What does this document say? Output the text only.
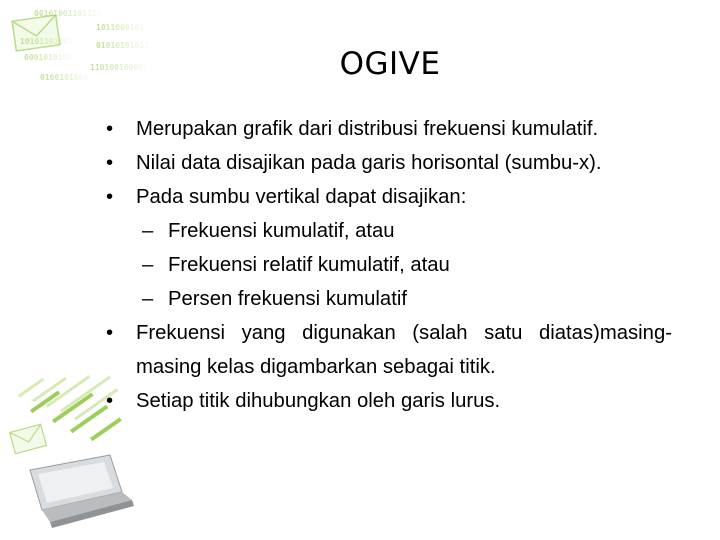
00101001101110
1011000101
10101101001	01010101011
0001010100
110100100001
0100101000	OGIVE
•	Merupakan grafik dari distribusi frekuensi kumulatif.
•	Nilai data disajikan pada garis horisontal (sumbu-x).
•	Pada sumbu vertikal dapat disajikan:
– Frekuensi kumulatif, atau
– Frekuensi relatif kumulatif, atau
– Persen frekuensi kumulatif
•	Frekuensi yang digunakan (salah satu diatas)masing-masing kelas digambarkan sebagai titik.
•	Setiap titik dihubungkan oleh garis lurus.
